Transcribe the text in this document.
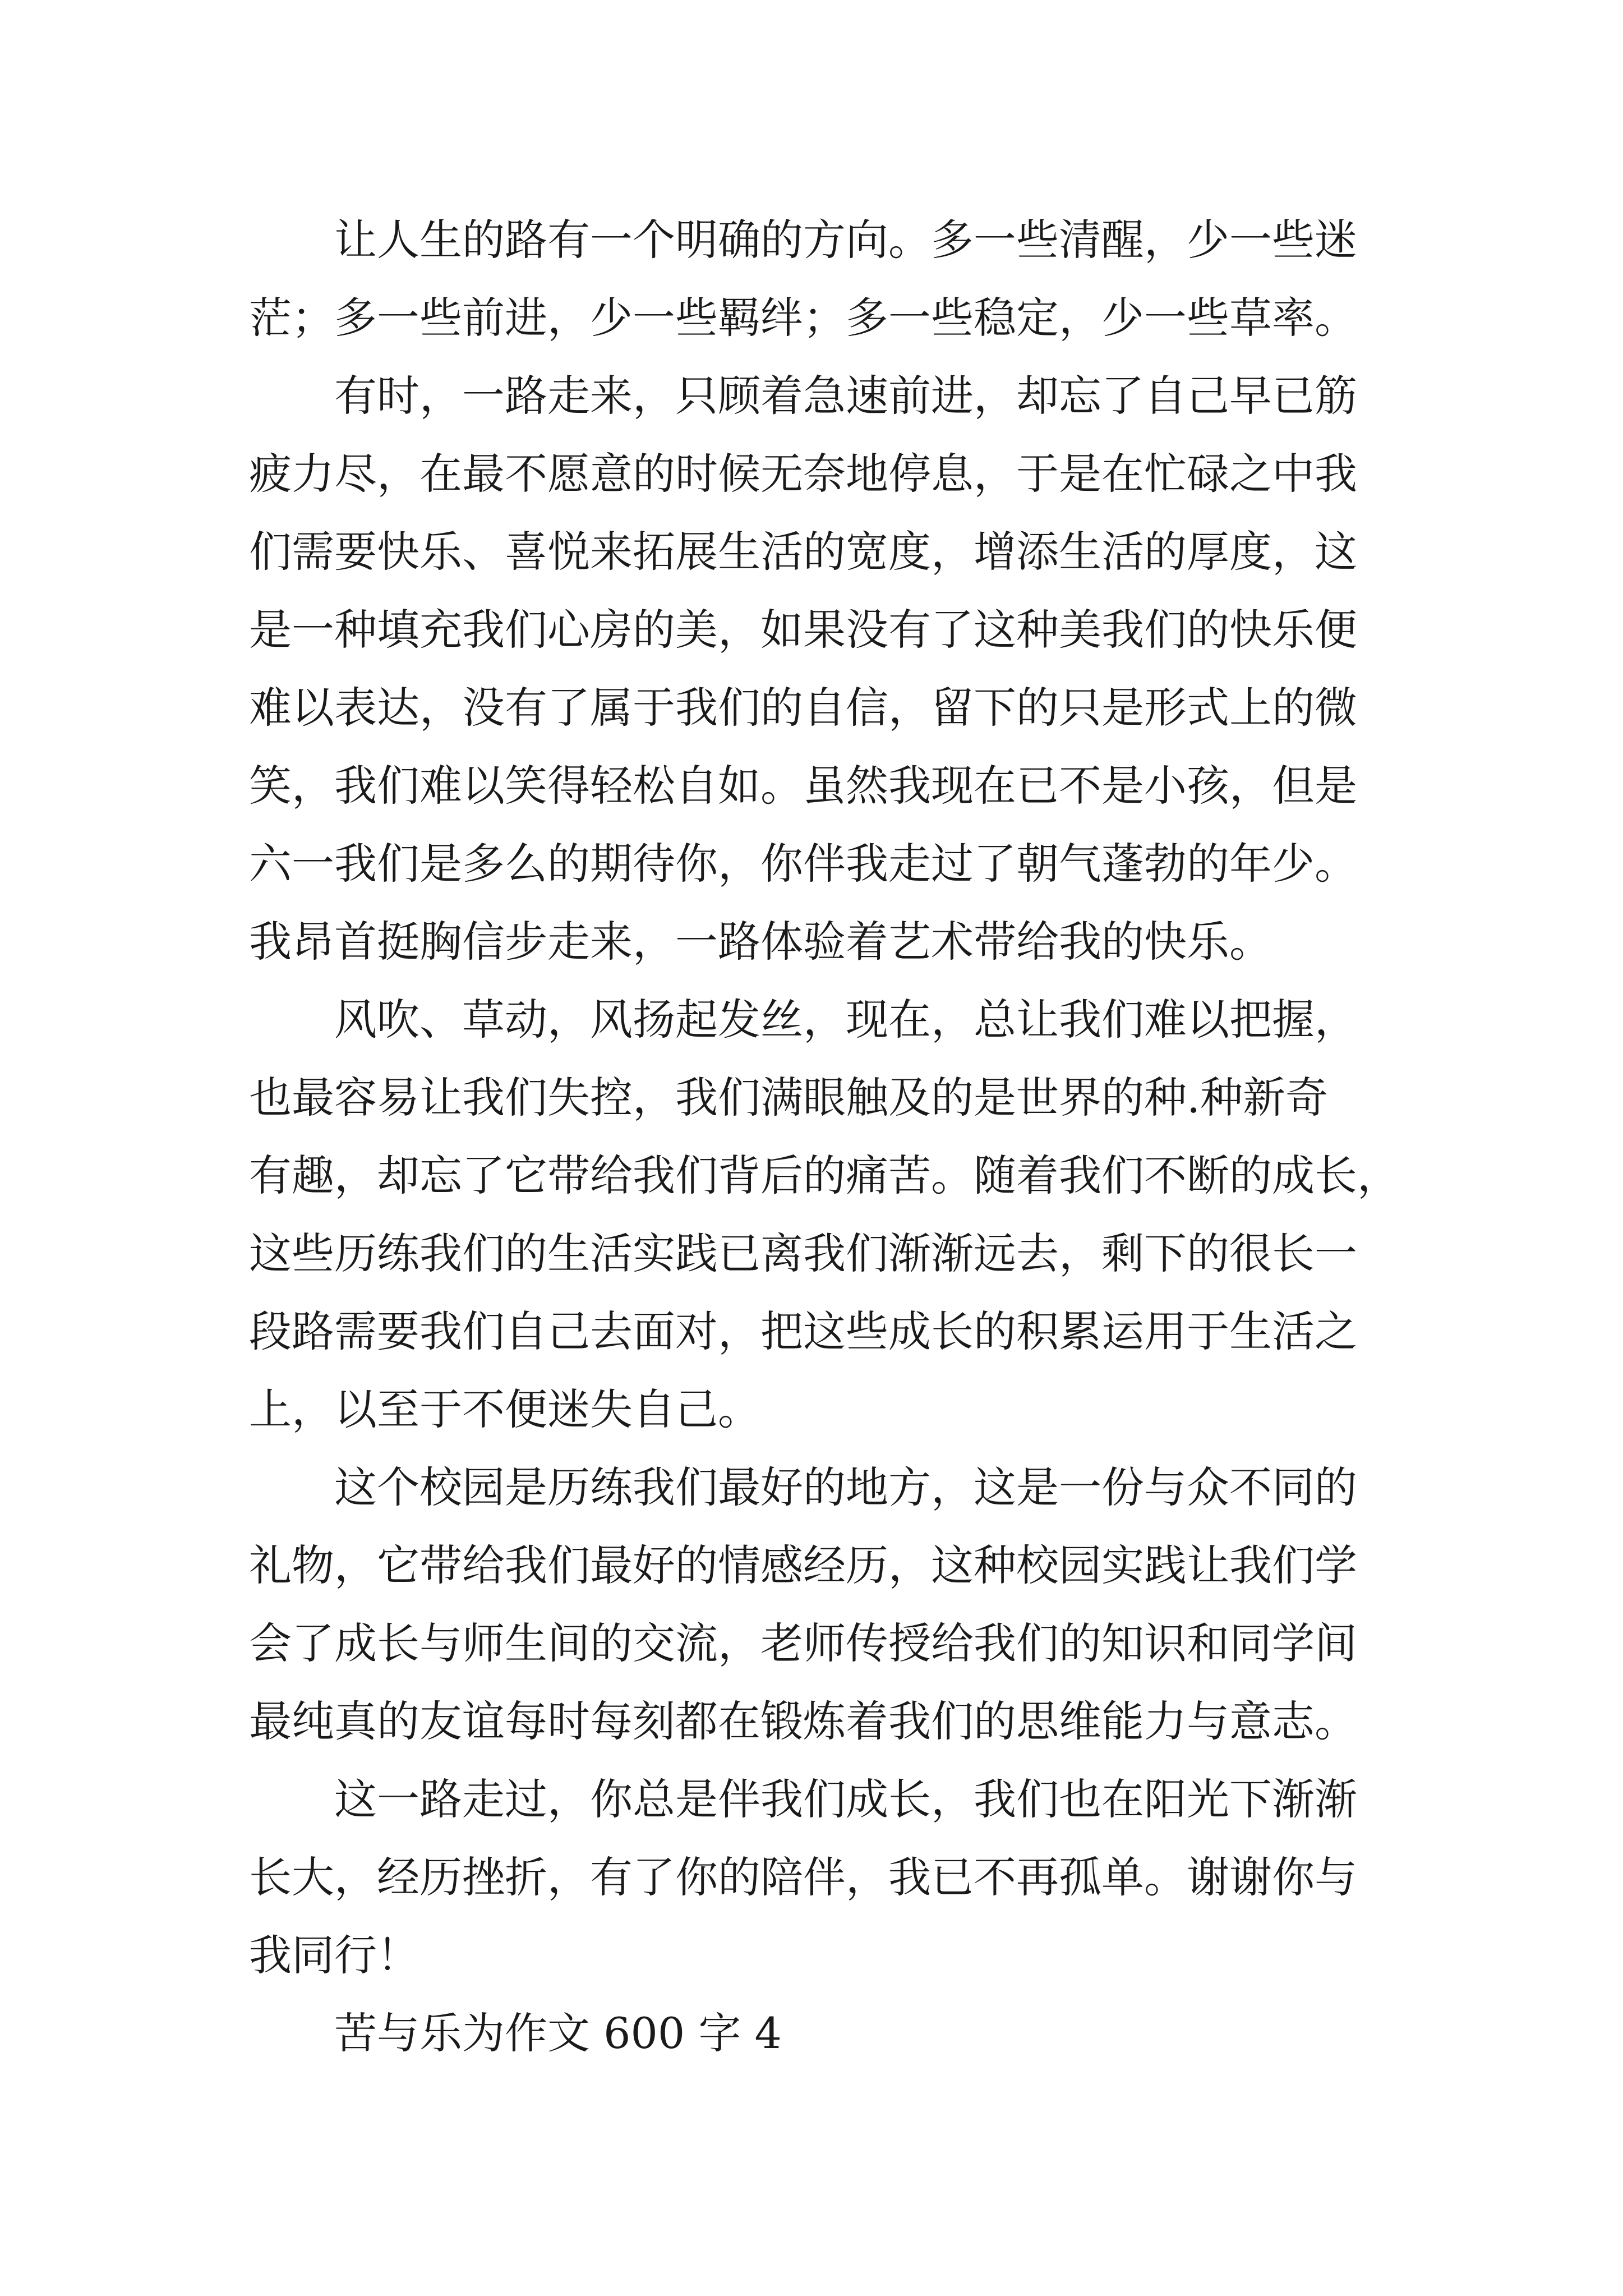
让人生的路有一个明确的方向。多一些清醒，少一些迷
茫；多一些前进，少一些羁绊；多一些稳定，少一些草率。
有时，一路走来，只顾着急速前进，却忘了自己早已筋
疲力尽，在最不愿意的时候无奈地停息，于是在忙碌之中我
们需要快乐、喜悦来拓展生活的宽度，增添生活的厚度，这
是一种填充我们心房的美，如果没有了这种美我们的快乐便
难以表达，没有了属于我们的自信，留下的只是形式上的微
笑，我们难以笑得轻松自如。虽然我现在已不是小孩，但是
六一我们是多么的期待你，你伴我走过了朝气蓬勃的年少。
我昂首挺胸信步走来，一路体验着艺术带给我的快乐。
风吹、草动，风扬起发丝，现在，总让我们难以把握，
也最容易让我们失控，我们满眼触及的是世界的种.种新奇
有趣，却忘了它带给我们背后的痛苦。随着我们不断的成长，
这些历练我们的生活实践已离我们渐渐远去，剩下的很长一
段路需要我们自己去面对，把这些成长的积累运用于生活之
上，以至于不便迷失自己。
这个校园是历练我们最好的地方，这是一份与众不同的
礼物，它带给我们最好的情感经历，这种校园实践让我们学
会了成长与师生间的交流，老师传授给我们的知识和同学间
最纯真的友谊每时每刻都在锻炼着我们的思维能力与意志。
这一路走过，你总是伴我们成长，我们也在阳光下渐渐
长大，经历挫折，有了你的陪伴，我已不再孤单。谢谢你与
我同行！
苦与乐为作文 600 字 4
